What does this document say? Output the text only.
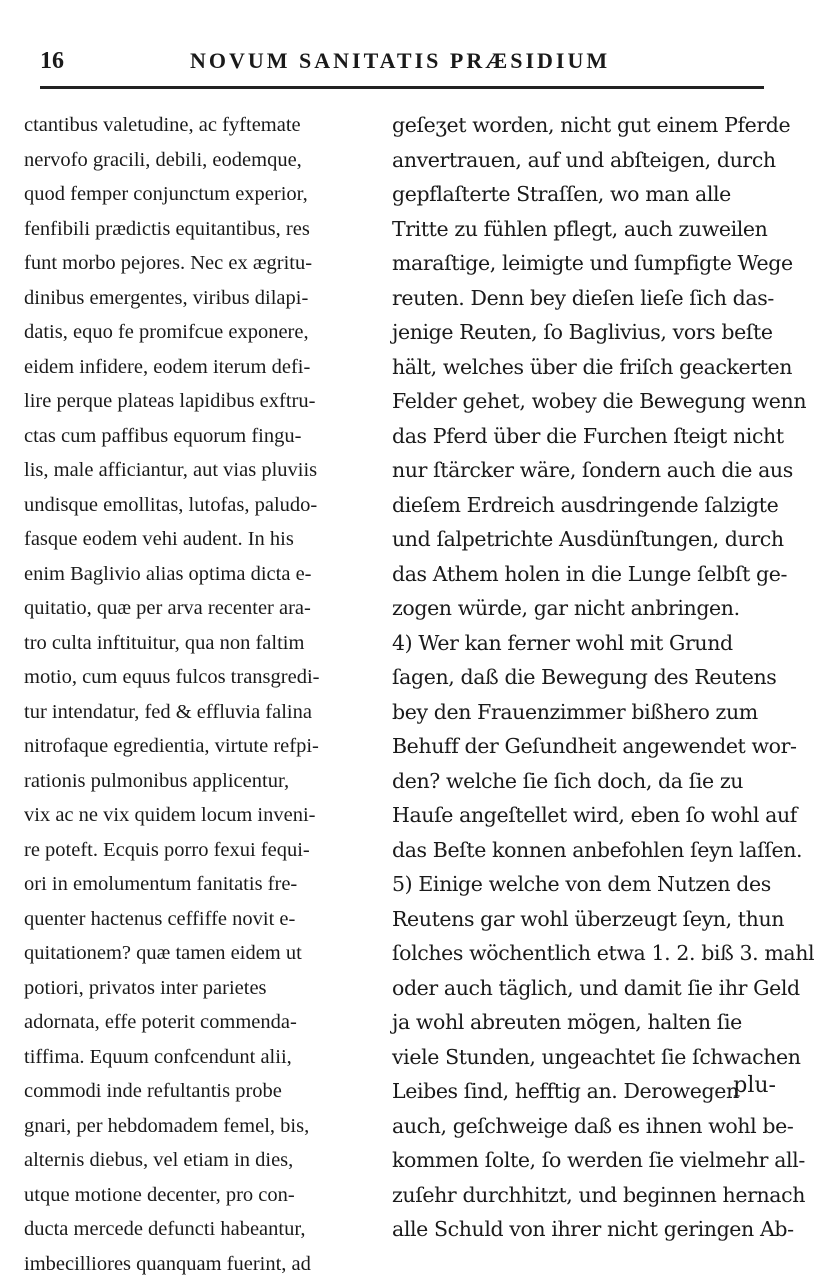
16	NOVUM SANITATIS PRÆSIDIUM
ctantibus valetudine, ac fyftemate
nervofo gracili, debili, eodemque,
quod femper conjunctum experior,
fenfibili prædictis equitantibus, res
funt morbo pejores. Nec ex ægritu-
dinibus emergentes, viribus dilapi-
datis, equo fe promifcue exponere,
eidem infidere, eodem iterum defi-
lire perque plateas lapidibus exftru-
ctas cum paffibus equorum fingu-
lis, male afficiantur, aut vias pluviis
undisque emollitas, lutofas, paludo-
fasque eodem vehi audent. In his
enim Baglivio alias optima dicta e-
quitatio, quæ per arva recenter ara-
tro culta inftituitur, qua non faltim
motio, cum equus fulcos transgredi-
tur intendatur, fed & effluvia falina
nitrofaque egredientia, virtute refpi-
rationis pulmonibus applicentur,
vix ac ne vix quidem locum inveni-
re poteft. Ecquis porro fexui fequi-
ori in emolumentum fanitatis fre-
quenter hactenus ceffiffe novit e-
quitationem? quæ tamen eidem ut
potiori, privatos inter parietes
adornata, effe poterit commenda-
tiffima. Equum confcendunt alii,
commodi inde refultantis probe
gnari, per hebdomadem femel, bis,
alternis diebus, vel etiam in dies,
utque motione decenter, pro con-
ducta mercede defuncti habeantur,
imbecilliores quanquam fuerint, ad
geſeʒet worden, nicht gut einem Pferde
anvertrauen, auf und abſteigen, durch
gepflaſterte Straſſen, wo man alle
Tritte zu fühlen pflegt, auch zuweilen
maraſtige, leimigte und ſumpfigte Wege
reuten. Denn bey dieſen lieſe ſich das-
jenige Reuten, ſo Baglivius, vors beſte
hält, welches über die friſch geackerten
Felder gehet, wobey die Bewegung wenn
das Pferd über die Furchen ſteigt nicht
nur ſtärcker wäre, ſondern auch die aus
dieſem Erdreich ausdringende ſalzigte
und ſalpetrichte Ausdünſtungen, durch
das Athem holen in die Lunge ſelbſt ge-
zogen würde, gar nicht anbringen.
4) Wer kan ferner wohl mit Grund
ſagen, daß die Bewegung des Reutens
bey den Frauenzimmer bißhero zum
Behuff der Geſundheit angewendet wor-
den? welche ſie ſich doch, da ſie zu
Hauſe angeſtellet wird, eben ſo wohl auf
das Beſte konnen anbefohlen ſeyn laſſen.
5) Einige welche von dem Nutzen des
Reutens gar wohl überzeugt ſeyn, thun
ſolches wöchentlich etwa 1. 2. biß 3. mahl
oder auch täglich, und damit ſie ihr Geld
ja wohl abreuten mögen, halten ſie
viele Stunden, ungeachtet ſie ſchwachen
Leibes ſind, hefftig an. Derowegen
auch, geſchweige daß es ihnen wohl be-
kommen ſolte, ſo werden ſie vielmehr all-
zuſehr durchhitzt, und beginnen hernach
alle Schuld von ihrer nicht geringen Ab-
plu-
